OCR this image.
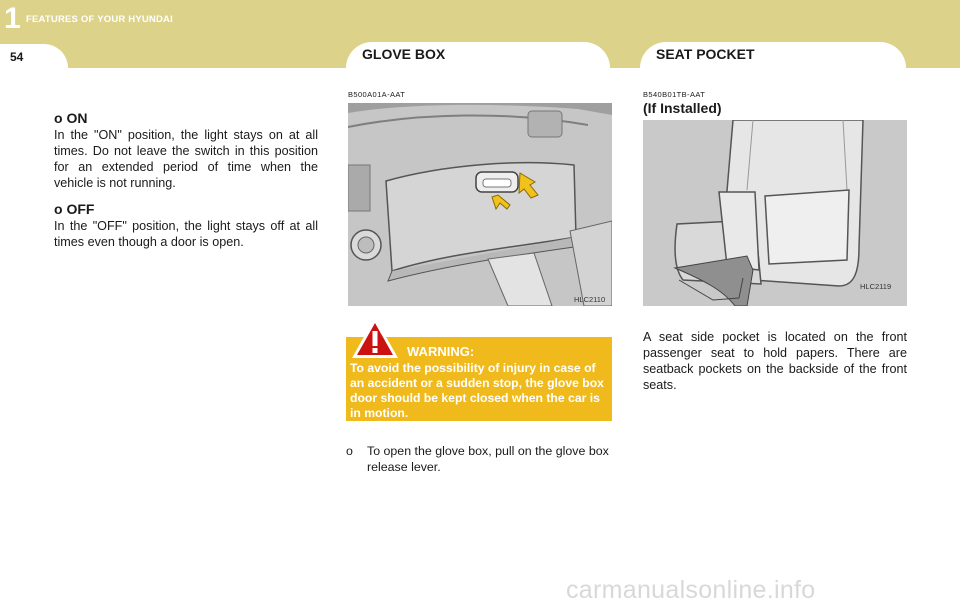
1 FEATURES OF YOUR HYUNDAI
54	GLOVE BOX	SEAT POCKET
o ON
In the "ON" position, the light stays on at all times. Do not leave the switch in this position for an extended period of time when the vehicle is not running.
o OFF
In the "OFF" position, the light stays off at all times even though a door is open.
B500A01A-AAT
HLC2110
WARNING:
To avoid the possibility of injury in case of an accident or a sudden stop, the glove box door should be kept closed when the car is in motion.
o To open the glove box, pull on the glove box release lever.
B540B01TB-AAT
(If Installed)
HLC2119
A seat side pocket is located on the front passenger seat to hold papers. There are seatback pockets on the backside of the front seats.
carmanualsonline.info
